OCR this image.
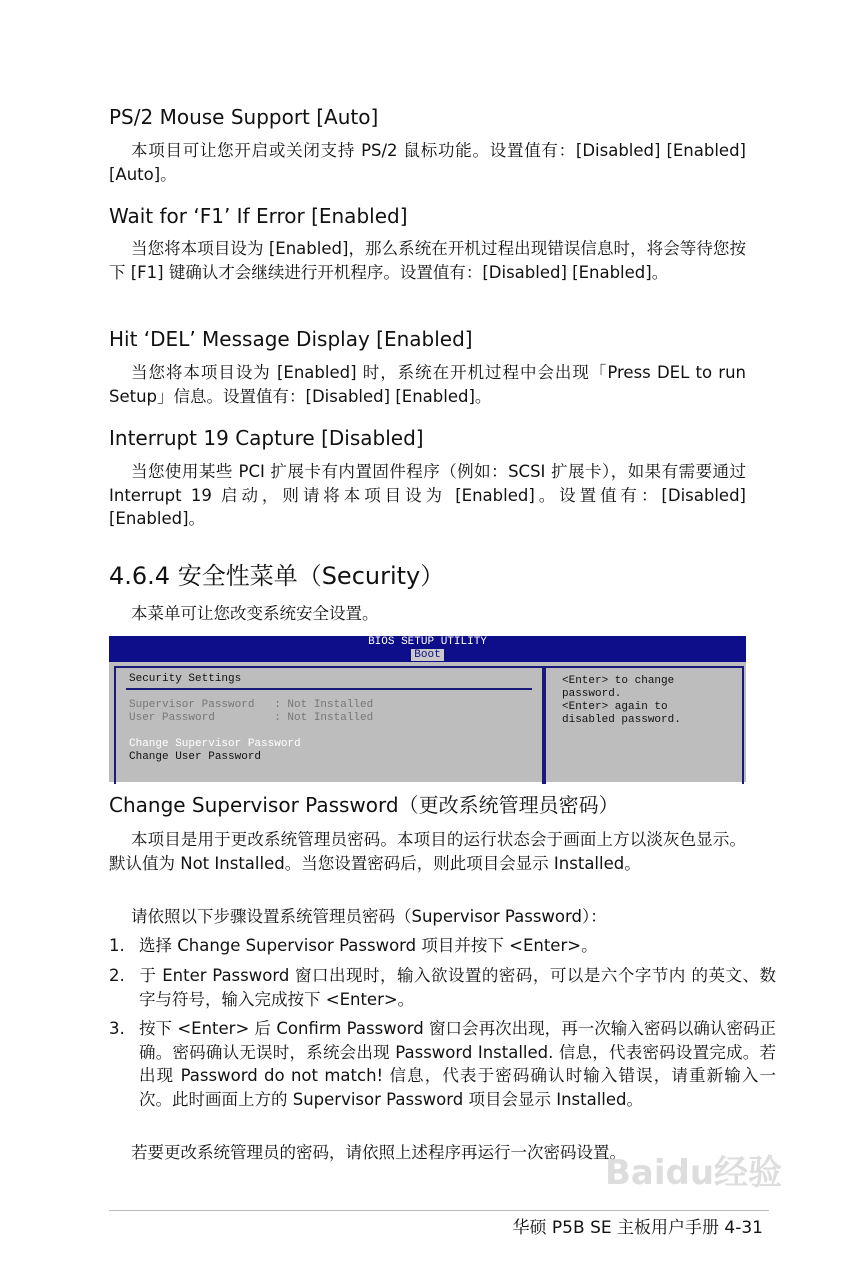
PS/2 Mouse Support [Auto]
本项目可让您开启或关闭支持 PS/2 鼠标功能。设置值有：[Disabled] [Enabled] [Auto]。
Wait for ‘F1’ If Error [Enabled]
当您将本项目设为 [Enabled]，那么系统在开机过程出现错误信息时，将会等待您按下 [F1] 键确认才会继续进行开机程序。设置值有：[Disabled] [Enabled]。
Hit ‘DEL’ Message Display [Enabled]
当您将本项目设为 [Enabled] 时，系统在开机过程中会出现「Press DEL to run Setup」信息。设置值有：[Disabled] [Enabled]。
Interrupt 19 Capture [Disabled]
当您使用某些 PCI 扩展卡有内置固件程序（例如：SCSI 扩展卡），如果有需要通过 Interrupt 19 启动，则请将本项目设为 [Enabled]。设置值有：[Disabled] [Enabled]。
4.6.4 安全性菜单（Security）
本菜单可让您改变系统安全设置。
BIOS SETUP UTILITY
Boot
Security Settings
Supervisor Password   : Not Installed
User Password         : Not Installed
Change Supervisor Password
Change User Password
<Enter> to change
password.
<Enter> again to
disabled password.
Change Supervisor Password（更改系统管理员密码）
本项目是用于更改系统管理员密码。本项目的运行状态会于画面上方以淡灰色显示。默认值为 Not Installed。当您设置密码后，则此项目会显示 Installed。
请依照以下步骤设置系统管理员密码（Supervisor Password）：
1. 选择 Change Supervisor Password 项目并按下 <Enter>。
2. 于 Enter Password 窗口出现时，输入欲设置的密码，可以是六个字节内 的英文、数字与符号，输入完成按下 <Enter>。
3. 按下 <Enter> 后 Confirm Password 窗口会再次出现，再一次输入密码以确认密码正确。密码确认无误时，系统会出现 Password Installed. 信息，代表密码设置完成。若出现 Password do not match! 信息，代表于密码确认时输入错误，请重新输入一次。此时画面上方的 Supervisor Password 项目会显示 Installed。
若要更改系统管理员的密码，请依照上述程序再运行一次密码设置。
Baidu经验
华硕 P5B SE 主板用户手册 4-31
